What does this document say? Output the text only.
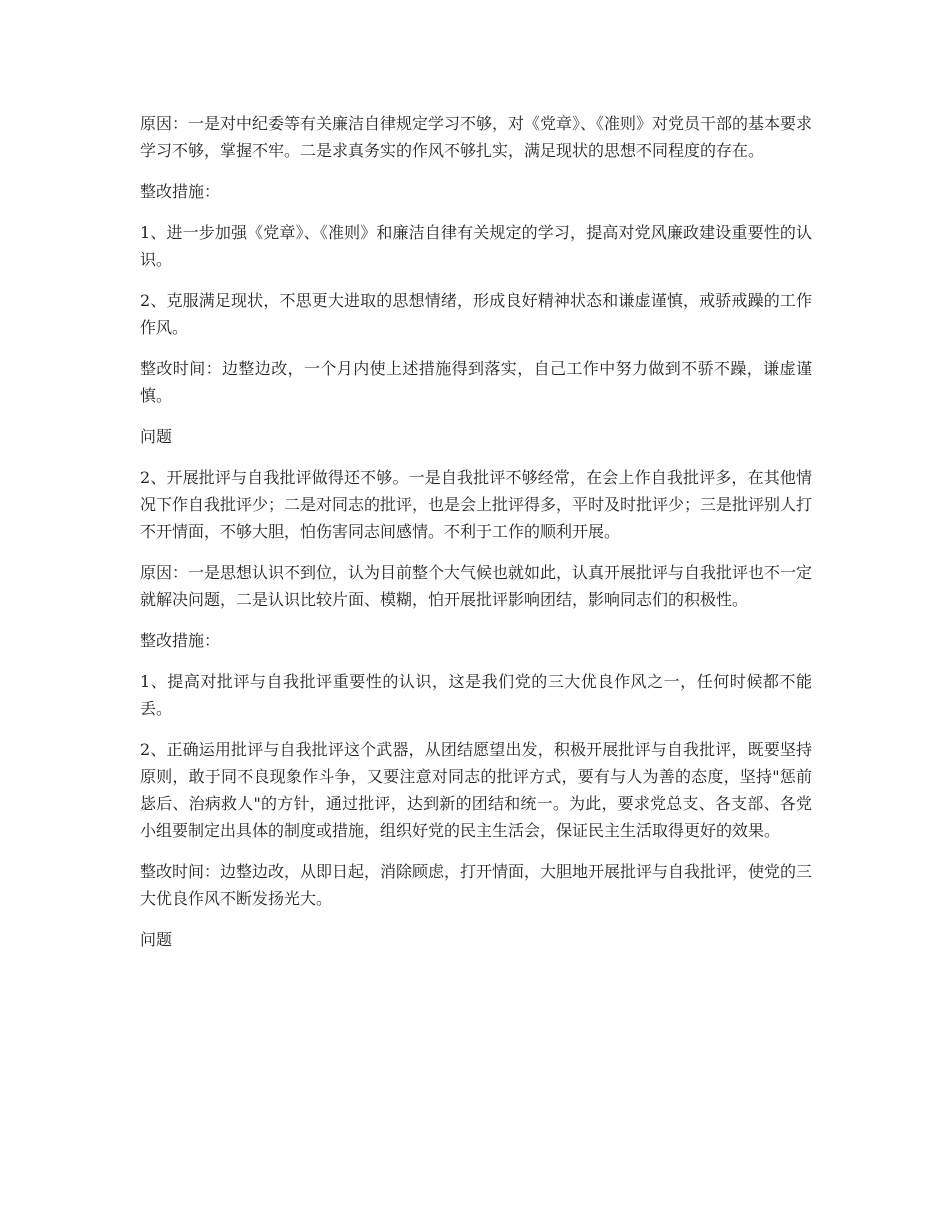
原因：一是对中纪委等有关廉洁自律规定学习不够，对《党章》、《准则》对党员干部的基本要求学习不够，掌握不牢。二是求真务实的作风不够扎实，满足现状的思想不同程度的存在。

整改措施：

1、进一步加强《党章》、《准则》和廉洁自律有关规定的学习，提高对党风廉政建设重要性的认识。

2、克服满足现状，不思更大进取的思想情绪，形成良好精神状态和谦虚谨慎，戒骄戒躁的工作作风。

整改时间：边整边改，一个月内使上述措施得到落实，自己工作中努力做到不骄不躁，谦虚谨慎。

问题

2、开展批评与自我批评做得还不够。一是自我批评不够经常，在会上作自我批评多，在其他情况下作自我批评少；二是对同志的批评，也是会上批评得多，平时及时批评少；三是批评别人打不开情面，不够大胆，怕伤害同志间感情。不利于工作的顺利开展。

原因：一是思想认识不到位，认为目前整个大气候也就如此，认真开展批评与自我批评也不一定就解决问题，二是认识比较片面、模糊，怕开展批评影响团结，影响同志们的积极性。

整改措施：

1、提高对批评与自我批评重要性的认识，这是我们党的三大优良作风之一，任何时候都不能丢。

2、正确运用批评与自我批评这个武器，从团结愿望出发，积极开展批评与自我批评，既要坚持原则，敢于同不良现象作斗争，又要注意对同志的批评方式，要有与人为善的态度，坚持"惩前毖后、治病救人"的方针，通过批评，达到新的团结和统一。为此，要求党总支、各支部、各党小组要制定出具体的制度或措施，组织好党的民主生活会，保证民主生活取得更好的效果。

整改时间：边整边改，从即日起，消除顾虑，打开情面，大胆地开展批评与自我批评，使党的三大优良作风不断发扬光大。

问题
